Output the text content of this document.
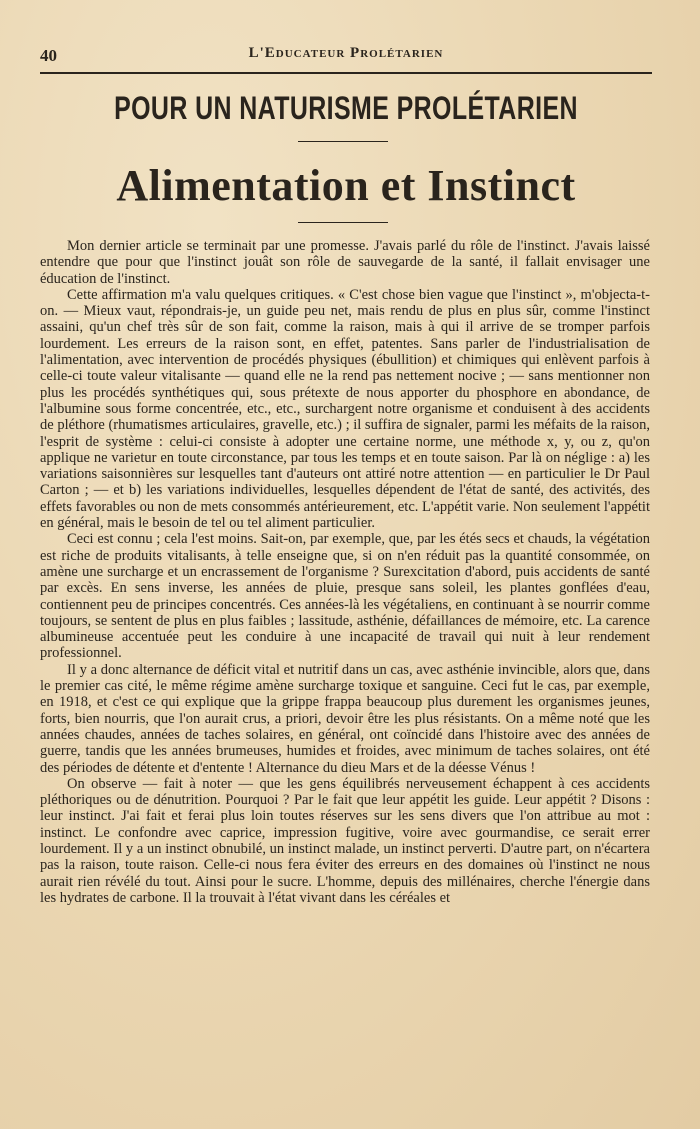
40	L'Educateur Prolétarien
POUR UN NATURISME PROLÉTARIEN
Alimentation et Instinct

Mon dernier article se terminait par une promesse. J'avais parlé du rôle de l'instinct. J'avais laissé entendre que pour que l'instinct jouât son rôle de sauvegarde de la santé, il fallait envisager une éducation de l'instinct.

Cette affirmation m'a valu quelques critiques. « C'est chose bien vague que l'instinct », m'objecta-t-on. — Mieux vaut, répondrais-je, un guide peu net, mais rendu de plus en plus sûr, comme l'instinct assaini, qu'un chef très sûr de son fait, comme la raison, mais à qui il arrive de se tromper parfois lourdement. Les erreurs de la raison sont, en effet, patentes. Sans parler de l'industrialisation de l'alimentation, avec intervention de procédés physiques (ébullition) et chimiques qui enlèvent parfois à celle-ci toute valeur vitalisante — quand elle ne la rend pas nettement nocive ; — sans mentionner non plus les procédés synthétiques qui, sous prétexte de nous apporter du phosphore en abondance, de l'albumine sous forme concentrée, etc., etc., surchargent notre organisme et conduisent à des accidents de pléthore (rhumatismes articulaires, gravelle, etc.) ; il suffira de signaler, parmi les méfaits de la raison, l'esprit de système : celui-ci consiste à adopter une certaine norme, une méthode x, y, ou z, qu'on applique ne varietur en toute circonstance, par tous les temps et en toute saison. Par là on néglige : a) les variations saisonnières sur lesquelles tant d'auteurs ont attiré notre attention — en particulier le Dr Paul Carton ; — et b) les variations individuelles, lesquelles dépendent de l'état de santé, des activités, des effets favorables ou non de mets consommés antérieurement, etc. L'appétit varie. Non seulement l'appétit en général, mais le besoin de tel ou tel aliment particulier.

Ceci est connu ; cela l'est moins. Sait-on, par exemple, que, par les étés secs et chauds, la végétation est riche de produits vitalisants, à telle enseigne que, si on n'en réduit pas la quantité consommée, on amène une surcharge et un encrassement de l'organisme ? Surexcitation d'abord, puis accidents de santé par excès. En sens inverse, les années de pluie, presque sans soleil, les plantes gonflées d'eau, contiennent peu de principes concentrés. Ces années-là les végétaliens, en continuant à se nourrir comme toujours, se sentent de plus en plus faibles ; lassitude, asthénie, défaillances de mémoire, etc. La carence albumineuse accentuée peut les conduire à une incapacité de travail qui nuit à leur rendement professionnel.

Il y a donc alternance de déficit vital et nutritif dans un cas, avec asthénie invincible, alors que, dans le premier cas cité, le même régime amène surcharge toxique et sanguine. Ceci fut le cas, par exemple, en 1918, et c'est ce qui explique que la grippe frappa beaucoup plus durement les organismes jeunes, forts, bien nourris, que l'on aurait crus, a priori, devoir être les plus résistants. On a même noté que les années chaudes, années de taches solaires, en général, ont coïncidé dans l'histoire avec des années de guerre, tandis que les années brumeuses, humides et froides, avec minimum de taches solaires, ont été des périodes de détente et d'entente ! Alternance du dieu Mars et de la déesse Vénus !

On observe — fait à noter — que les gens équilibrés nerveusement échappent à ces accidents pléthoriques ou de dénutrition. Pourquoi ? Par le fait que leur appétit les guide. Leur appétit ? Disons : leur instinct. J'ai fait et ferai plus loin toutes réserves sur les sens divers que l'on attribue au mot : instinct. Le confondre avec caprice, impression fugitive, voire avec gourmandise, ce serait errer lourdement. Il y a un instinct obnubilé, un instinct malade, un instinct perverti. D'autre part, on n'écartera pas la raison, toute raison. Celle-ci nous fera éviter des erreurs en des domaines où l'instinct ne nous aurait rien révélé du tout. Ainsi pour le sucre. L'homme, depuis des millénaires, cherche l'énergie dans les hydrates de carbone. Il la trouvait à l'état vivant dans les céréales et
